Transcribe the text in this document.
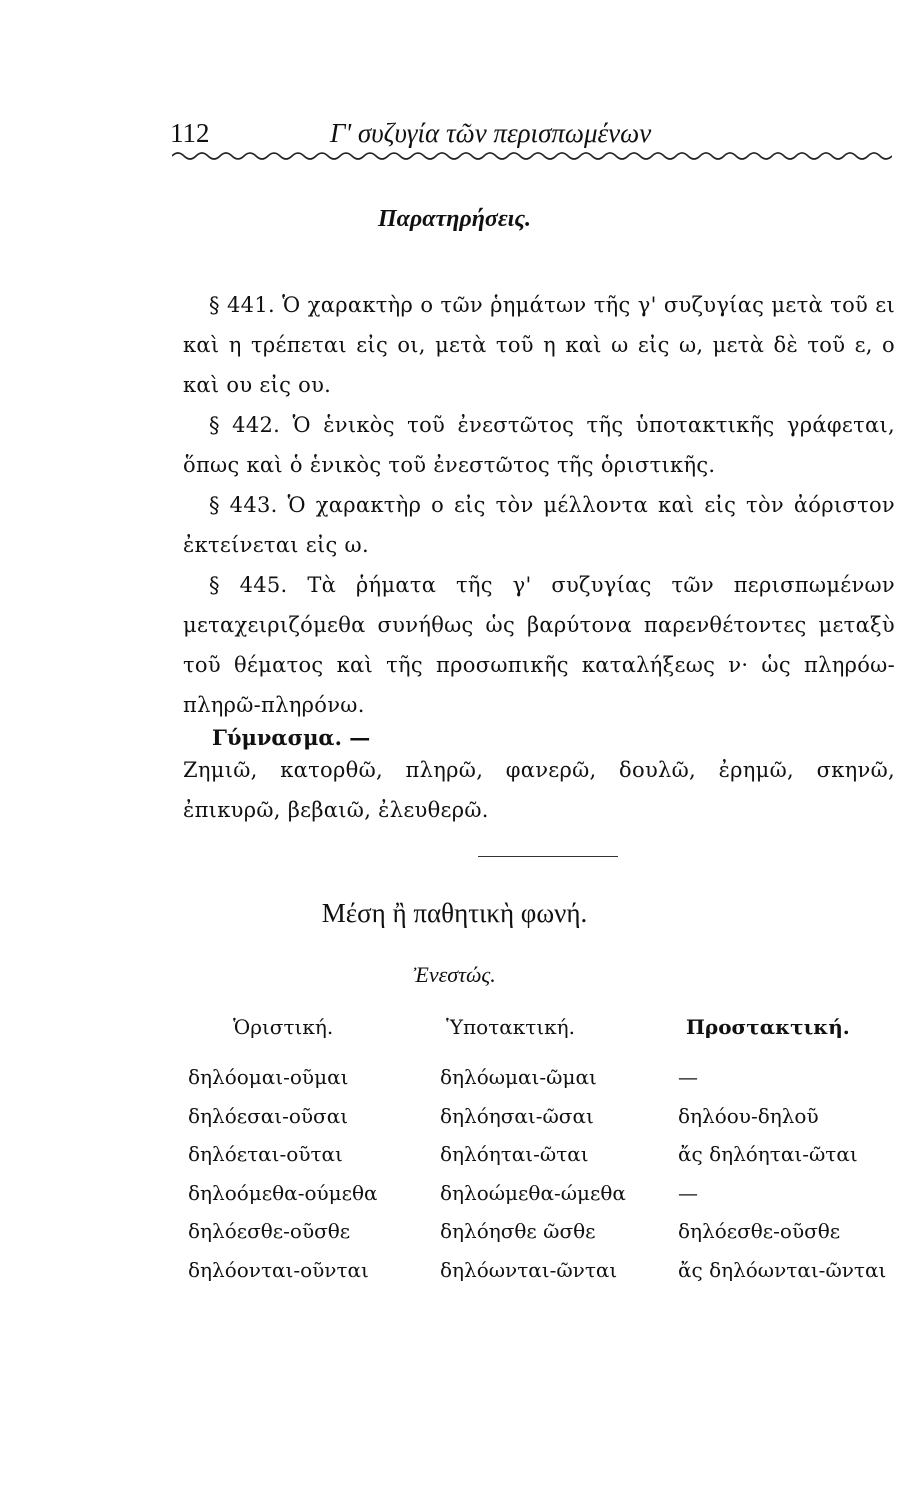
112	Γ' συζυγία τῶν περισπωμένων
Παρατηρήσεις.

§ 441. Ὁ χαρακτὴρ ο τῶν ῥημάτων τῆς γ' συζυγίας μετὰ τοῦ ει καὶ η τρέπεται εἰς οι, μετὰ τοῦ η καὶ ω εἰς ω, μετὰ δὲ τοῦ ε, ο καὶ ου εἰς ου.

§ 442. Ὁ ἑνικὸς τοῦ ἐνεστῶτος τῆς ὑποτακτικῆς γράφεται, ὅπως καὶ ὁ ἑνικὸς τοῦ ἐνεστῶτος τῆς ὁριστικῆς.

§ 443. Ὁ χαρακτὴρ ο εἰς τὸν μέλλοντα καὶ εἰς τὸν ἀόριστον ἐκτείνεται εἰς ω.

§ 445. Τὰ ῥήματα τῆς γ' συζυγίας τῶν περισπωμένων μεταχειριζόμεθα συνήθως ὡς βαρύτονα παρενθέτοντες μεταξὺ τοῦ θέματος καὶ τῆς προσωπικῆς καταλήξεως ν· ὡς πληρόω-πληρῶ-πληρόνω.

Γύμνασμα. —

Ζημιῶ, κατορθῶ, πληρῶ, φανερῶ, δουλῶ, ἐρημῶ, σκηνῶ, ἐπικυρῶ, βεβαιῶ, ἐλευθερῶ.

Μέση ἢ παθητικὴ φωνή.
Ἐνεστώς.
Ὁριστική.	Ὑποτακτική.	Προστακτική.
δηλόομαι-οῦμαι	δηλόωμαι-ῶμαι	—
δηλόεσαι-οῦσαι	δηλόησαι-ῶσαι	δηλόου-δηλοῦ
δηλόεται-οῦται	δηλόηται-ῶται	ἄς δηλόηται-ῶται
δηλοόμεθα-ούμεθα	δηλοώμεθα-ώμεθα	—
δηλόεσθε-οῦσθε	δηλόησθε ῶσθε	δηλόεσθε-οῦσθε
δηλόονται-οῦνται	δηλόωνται-ῶνται	ἄς δηλόωνται-ῶνται
